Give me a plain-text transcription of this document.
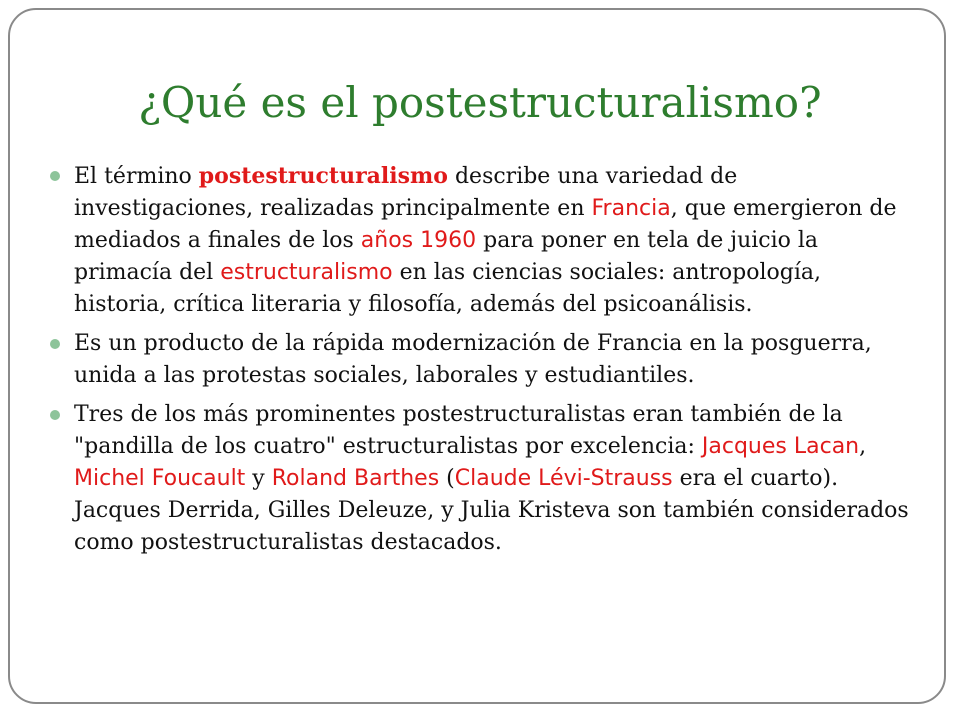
¿Qué es el postestructuralismo?
El término postestructuralismo describe una variedad de investigaciones, realizadas principalmente en Francia, que emergieron de mediados a finales de los años 1960 para poner en tela de juicio la primacía del estructuralismo en las ciencias sociales: antropología, historia, crítica literaria y filosofía, además del psicoanálisis.
Es un producto de la rápida modernización de Francia en la posguerra, unida a las protestas sociales, laborales y estudiantiles.
Tres de los más prominentes postestructuralistas eran también de la "pandilla de los cuatro" estructuralistas por excelencia: Jacques Lacan, Michel Foucault y Roland Barthes (Claude Lévi-Strauss era el cuarto). Jacques Derrida, Gilles Deleuze, y Julia Kristeva son también considerados como postestructuralistas destacados.
